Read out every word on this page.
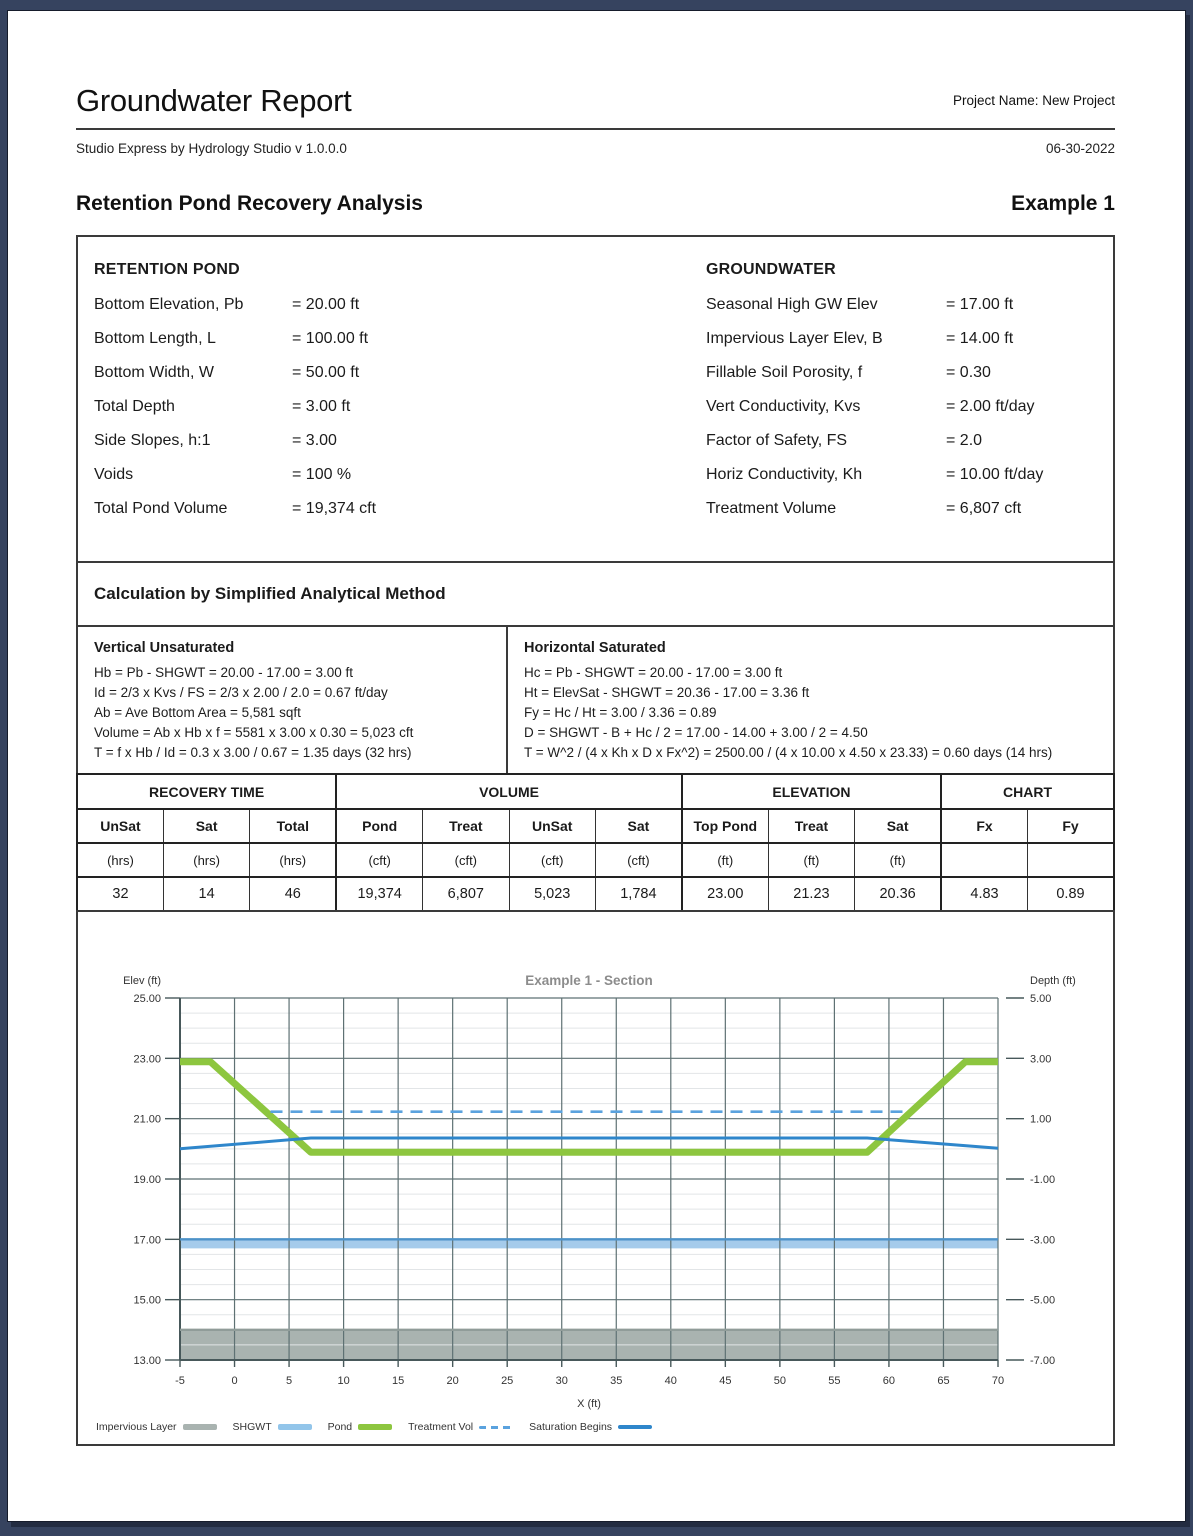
Groundwater Report	Project Name: New Project
Studio Express by Hydrology Studio v 1.0.0.0	06-30-2022
Retention Pond Recovery Analysis	Example 1
RETENTION POND
Bottom Elevation, Pb	= 20.00 ft
Bottom Length, L	= 100.00 ft
Bottom Width, W	= 50.00 ft
Total Depth	= 3.00 ft
Side Slopes, h:1	= 3.00
Voids	= 100 %
Total Pond Volume	= 19,374 cft
GROUNDWATER
Seasonal High GW Elev	= 17.00 ft
Impervious Layer Elev, B	= 14.00 ft
Fillable Soil Porosity, f	= 0.30
Vert Conductivity, Kvs	= 2.00 ft/day
Factor of Safety, FS	= 2.0
Horiz Conductivity, Kh	= 10.00 ft/day
Treatment Volume	= 6,807 cft
Calculation by Simplified Analytical Method
Vertical Unsaturated
Hb = Pb - SHGWT = 20.00 - 17.00 = 3.00 ft
Id = 2/3 x Kvs / FS = 2/3 x 2.00 / 2.0 = 0.67 ft/day
Ab = Ave Bottom Area = 5,581 sqft
Volume = Ab x Hb x f = 5581 x 3.00 x 0.30 = 5,023 cft
T = f x Hb / Id = 0.3 x 3.00 / 0.67 = 1.35 days (32 hrs)
Horizontal Saturated
Hc = Pb - SHGWT = 20.00 - 17.00 = 3.00 ft
Ht = ElevSat - SHGWT = 20.36 - 17.00 = 3.36 ft
Fy = Hc / Ht = 3.00 / 3.36 = 0.89
D = SHGWT - B + Hc / 2 = 17.00 - 14.00 + 3.00 / 2 = 4.50
T = W^2 / (4 x Kh x D x Fx^2) = 2500.00 / (4 x 10.00 x 4.50 x 23.33) = 0.60 days (14 hrs)
RECOVERY TIME			VOLUME				ELEVATION			CHART	
UnSat	Sat	Total	Pond	Treat	UnSat	Sat	Top Pond	Treat	Sat	Fx	Fy
(hrs)	(hrs)	(hrs)	(cft)	(cft)	(cft)	(cft)	(ft)	(ft)	(ft)		
32	14	46	19,374	6,807	5,023	1,784	23.00	21.23	20.36	4.83	0.89
25.00
23.00
21.00
19.00
17.00
15.00
13.00
5.00
3.00
1.00
-1.00
-3.00
-5.00
-7.00
-5	0	5	10	15	20	25	30	35	40	45	50	55	60	65	70
X (ft)
Elev (ft)	Depth (ft)
Example 1 - Section
Impervious Layer	SHGWT	Pond	Treatment Vol	Saturation Begins
